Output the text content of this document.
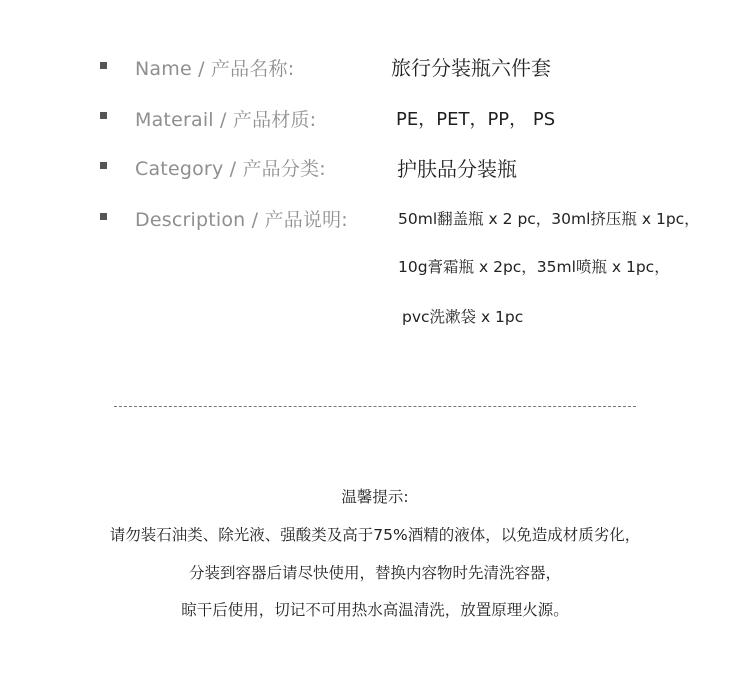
Name / 产品名称:	旅行分装瓶六件套
Materail / 产品材质:	PE，PET，PP， PS
Category / 产品分类:	护肤品分装瓶
Description / 产品说明:	50ml翻盖瓶 x 2 pc，30ml挤压瓶 x 1pc，
10g膏霜瓶 x 2pc，35ml喷瓶 x 1pc，
pvc洗漱袋 x 1pc
温馨提示:
请勿装石油类、除光液、强酸类及高于75%酒精的液体，以免造成材质劣化，
分装到容器后请尽快使用，替换内容物时先清洗容器，
晾干后使用，切记不可用热水高温清洗，放置原理火源。
